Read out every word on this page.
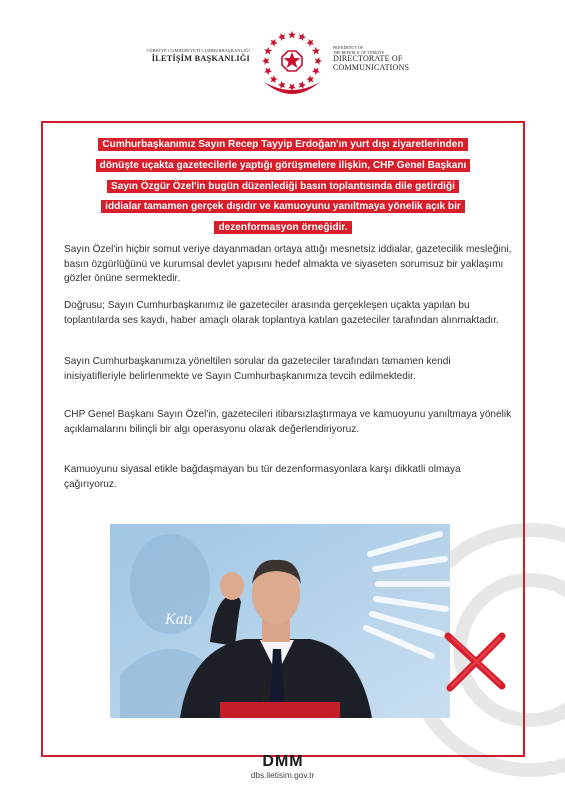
TÜRKİYE CUMHURİYETİ CUMHURBAŞKANLIĞI
İLETİŞİM BAŞKANLIĞI
PRESIDENCY OF
THE REPUBLIC OF TÜRKİYE
DIRECTORATE OF
COMMUNICATIONS
Cumhurbaşkanımız Sayın Recep Tayyip Erdoğan'ın yurt dışı ziyaretlerinden
dönüşte uçakta gazetecilerle yaptığı görüşmelere ilişkin, CHP Genel Başkanı
Sayın Özgür Özel'in bugün düzenlediği basın toplantısında dile getirdiği
iddialar tamamen gerçek dışıdır ve kamuoyunu yanıltmaya yönelik açık bir
dezenformasyon örneğidir.
Sayın Özel'in hiçbir somut veriye dayanmadan ortaya attığı mesnetsiz iddialar, gazetecilik mesleğini, basın özgürlüğünü ve kurumsal devlet yapısını hedef almakta ve siyaseten sorumsuz bir yaklaşımı gözler önüne sermektedir.
Doğrusu; Sayın Cumhurbaşkanımız ile gazeteciler arasında gerçekleşen uçakta yapılan bu toplantılarda ses kaydı, haber amaçlı olarak toplantıya katılan gazeteciler tarafından alınmaktadır.
Sayın Cumhurbaşkanımıza yöneltilen sorular da gazeteciler tarafından tamamen kendi inisiyatifleriyle belirlenmekte ve Sayın Cumhurbaşkanımıza tevcih edilmektedir.
CHP Genel Başkanı Sayın Özel'in, gazetecileri itibarsızlaştırmaya ve kamuoyunu yanıltmaya yönelik açıklamalarını bilinçli bir algı operasyonu olarak değerlendiriyoruz.
Kamuoyunu siyasal etikle bağdaşmayan bu tür dezenformasyonlara karşı dikkatli olmaya çağırıyoruz.
Katı
DMM
dbs.iletisim.gov.tr
